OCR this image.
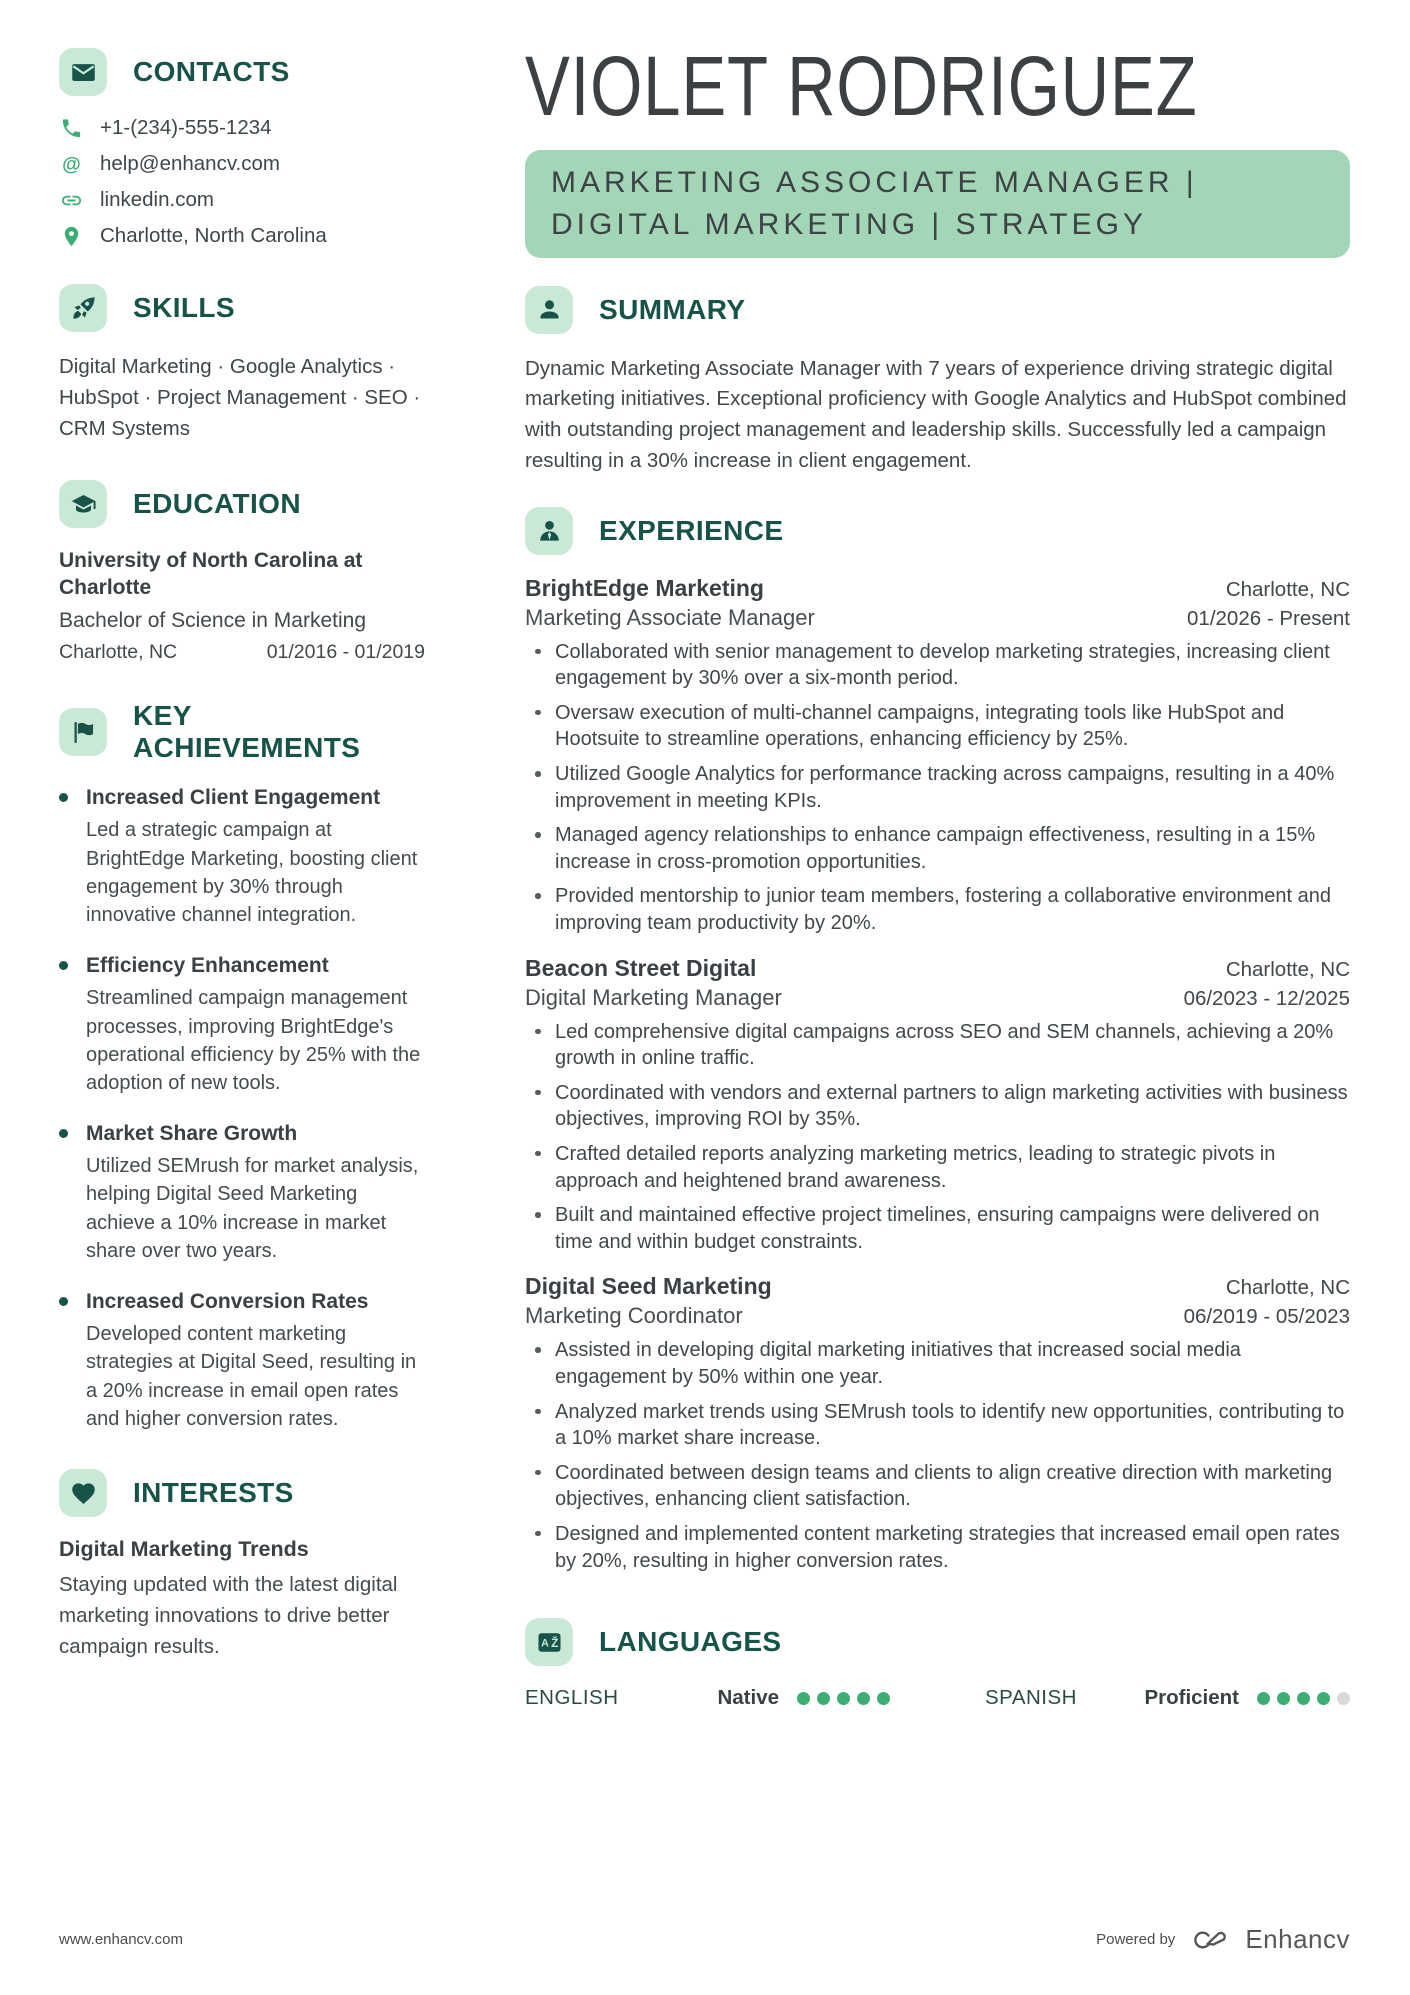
CONTACTS
+1-(234)-555-1234
@ help@enhancv.com
linkedin.com
Charlotte, North Carolina
SKILLS
Digital Marketing · Google Analytics · HubSpot · Project Management · SEO · CRM Systems
EDUCATION
University of North Carolina at Charlotte
Bachelor of Science in Marketing
Charlotte, NC	01/2016 - 01/2019
KEY ACHIEVEMENTS
Increased Client Engagement
Led a strategic campaign at BrightEdge Marketing, boosting client engagement by 30% through innovative channel integration.
Efficiency Enhancement
Streamlined campaign management processes, improving BrightEdge's operational efficiency by 25% with the adoption of new tools.
Market Share Growth
Utilized SEMrush for market analysis, helping Digital Seed Marketing achieve a 10% increase in market share over two years.
Increased Conversion Rates
Developed content marketing strategies at Digital Seed, resulting in a 20% increase in email open rates and higher conversion rates.
INTERESTS
Digital Marketing Trends
Staying updated with the latest digital marketing innovations to drive better campaign results.
VIOLET RODRIGUEZ
MARKETING ASSOCIATE MANAGER | DIGITAL MARKETING | STRATEGY
SUMMARY
Dynamic Marketing Associate Manager with 7 years of experience driving strategic digital marketing initiatives. Exceptional proficiency with Google Analytics and HubSpot combined with outstanding project management and leadership skills. Successfully led a campaign resulting in a 30% increase in client engagement.
EXPERIENCE
BrightEdge Marketing	Charlotte, NC
Marketing Associate Manager	01/2026 - Present
Collaborated with senior management to develop marketing strategies, increasing client engagement by 30% over a six-month period.
Oversaw execution of multi-channel campaigns, integrating tools like HubSpot and Hootsuite to streamline operations, enhancing efficiency by 25%.
Utilized Google Analytics for performance tracking across campaigns, resulting in a 40% improvement in meeting KPIs.
Managed agency relationships to enhance campaign effectiveness, resulting in a 15% increase in cross-promotion opportunities.
Provided mentorship to junior team members, fostering a collaborative environment and improving team productivity by 20%.
Beacon Street Digital	Charlotte, NC
Digital Marketing Manager	06/2023 - 12/2025
Led comprehensive digital campaigns across SEO and SEM channels, achieving a 20% growth in online traffic.
Coordinated with vendors and external partners to align marketing activities with business objectives, improving ROI by 35%.
Crafted detailed reports analyzing marketing metrics, leading to strategic pivots in approach and heightened brand awareness.
Built and maintained effective project timelines, ensuring campaigns were delivered on time and within budget constraints.
Digital Seed Marketing	Charlotte, NC
Marketing Coordinator	06/2019 - 05/2023
Assisted in developing digital marketing initiatives that increased social media engagement by 50% within one year.
Analyzed market trends using SEMrush tools to identify new opportunities, contributing to a 10% market share increase.
Coordinated between design teams and clients to align creative direction with marketing objectives, enhancing client satisfaction.
Designed and implemented content marketing strategies that increased email open rates by 20%, resulting in higher conversion rates.
A Ž LANGUAGES
ENGLISH	Native	SPANISH	Proficient
www.enhancv.com	Powered by	Enhancv
